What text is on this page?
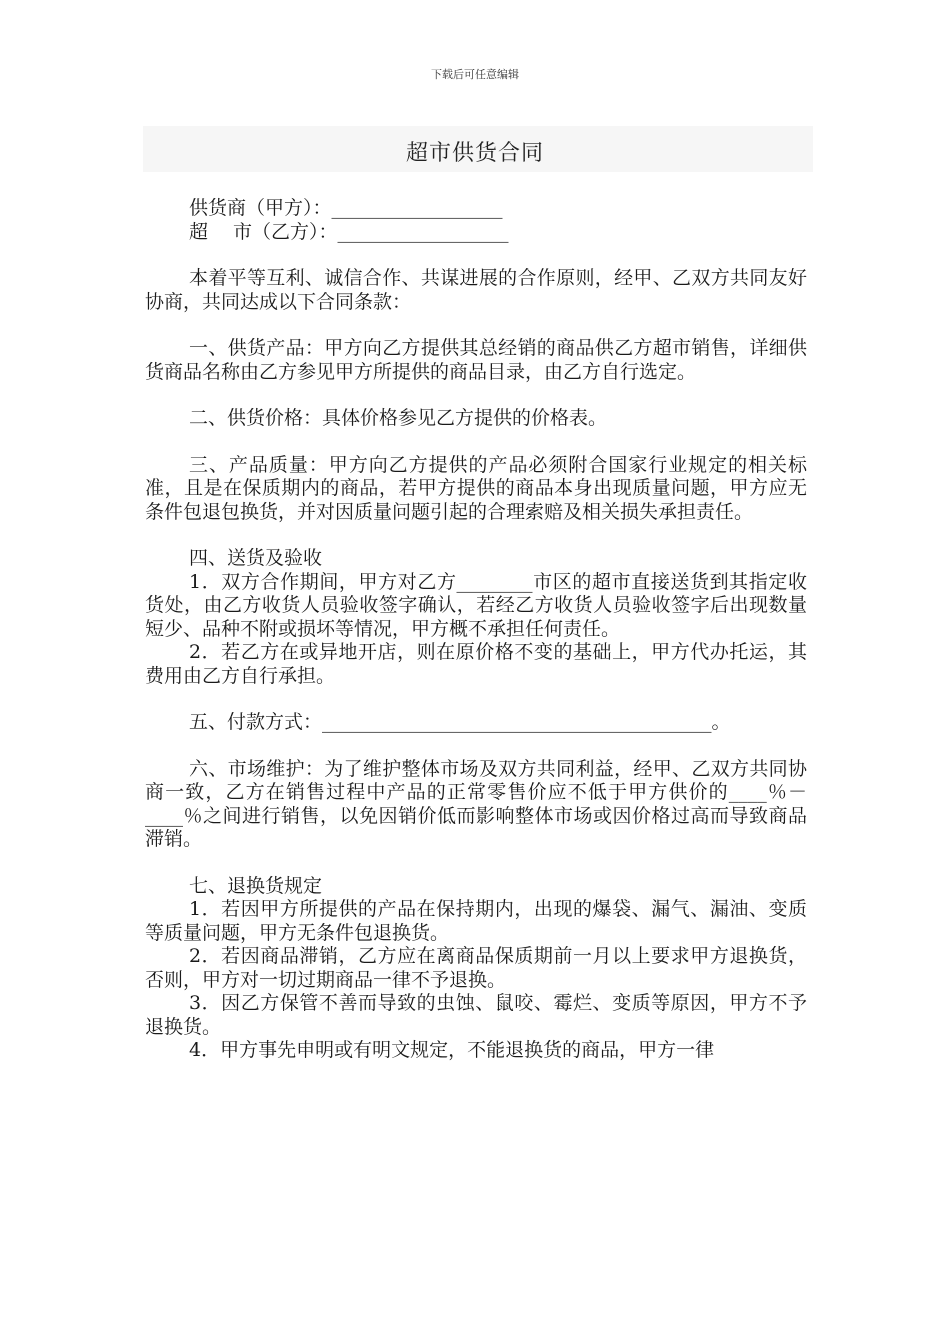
下载后可任意编辑
超市供货合同
供货商（甲方）：__________________
超　 市（乙方）：__________________

本着平等互利、诚信合作、共谋进展的合作原则，经甲、乙双方共同友好协商，共同达成以下合同条款：

一、供货产品：甲方向乙方提供其总经销的商品供乙方超市销售，详细供货商品名称由乙方参见甲方所提供的商品目录，由乙方自行选定。

二、供货价格：具体价格参见乙方提供的价格表。

三、产品质量：甲方向乙方提供的产品必须附合国家行业规定的相关标准，且是在保质期内的商品，若甲方提供的商品本身出现质量问题，甲方应无条件包退包换货，并对因质量问题引起的合理索赔及相关损失承担责任。

四、送货及验收

1．双方合作期间，甲方对乙方________市区的超市直接送货到其指定收货处，由乙方收货人员验收签字确认，若经乙方收货人员验收签字后出现数量短少、品种不附或损坏等情况，甲方概不承担任何责任。

2．若乙方在或异地开店，则在原价格不变的基础上，甲方代办托运，其费用由乙方自行承担。

五、付款方式：_________________________________________。

六、市场维护：为了维护整体市场及双方共同利益，经甲、乙双方共同协商一致，乙方在销售过程中产品的正常零售价应不低于甲方供价的____％－____％之间进行销售，以免因销价低而影响整体市场或因价格过高而导致商品滞销。

七、退换货规定

1．若因甲方所提供的产品在保持期内，出现的爆袋、漏气、漏油、变质等质量问题，甲方无条件包退换货。

2．若因商品滞销，乙方应在离商品保质期前一月以上要求甲方退换货，否则，甲方对一切过期商品一律不予退换。

3．因乙方保管不善而导致的虫蚀、鼠咬、霉烂、变质等原因，甲方不予退换货。

4．甲方事先申明或有明文规定，不能退换货的商品，甲方一律
